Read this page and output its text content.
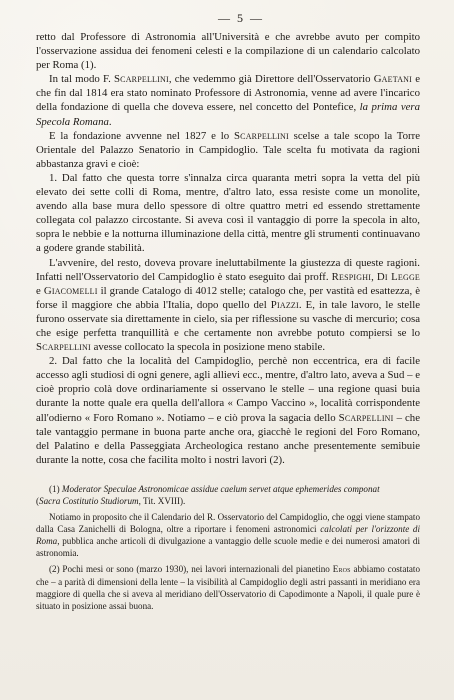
— 5 —

retto dal Professore di Astronomia all'Università e che avrebbe avuto per compito l'osservazione assidua dei fenomeni celesti e la compilazione di un calendario calcolato per Roma (1).

In tal modo F. Scarpellini, che vedemmo già Direttore dell'Osservatorio Gaetani e che fin dal 1814 era stato nominato Professore di Astronomia, venne ad avere l'incarico della fondazione di quella che doveva essere, nel concetto del Pontefice, la prima vera Specola Romana.

E la fondazione avvenne nel 1827 e lo Scarpellini scelse a tale scopo la Torre Orientale del Palazzo Senatorio in Campidoglio. Tale scelta fu motivata da ragioni abbastanza gravi e cioè:

1. Dal fatto che questa torre s'innalza circa quaranta metri sopra la vetta del più elevato dei sette colli di Roma, mentre, d'altro lato, essa resiste come un monolite, avendo alla base mura dello spessore di oltre quattro metri ed essendo strettamente collegata col palazzo circostante. Si aveva così il vantaggio di porre la specola in alto, sopra le nebbie e la notturna illuminazione della città, mentre gli strumenti continuavano a godere grande stabilità.

L'avvenire, del resto, doveva provare ineluttabilmente la giustezza di queste ragioni. Infatti nell'Osservatorio del Campidoglio è stato eseguito dai proff. Respighi, Di Legge e Giacomelli il grande Catalogo di 4012 stelle; catalogo che, per vastità ed esattezza, è forse il maggiore che abbia l'Italia, dopo quello del Piazzi. E, in tale lavoro, le stelle furono osservate sia direttamente in cielo, sia per riflessione su vasche di mercurio; cosa che esige perfetta tranquillità e che certamente non avrebbe potuto compiersi se lo Scarpellini avesse collocato la specola in posizione meno stabile.

2. Dal fatto che la località del Campidoglio, perchè non eccentrica, era di facile accesso agli studiosi di ogni genere, agli allievi ecc., mentre, d'altro lato, aveva a Sud – e cioè proprio colà dove ordinariamente si osservano le stelle – una regione quasi buia durante la notte quale era quella dell'allora « Campo Vaccino », località corrispondente all'odierno « Foro Romano ». Notiamo – e ciò prova la sagacia dello Scarpellini – che tale vantaggio permane in buona parte anche ora, giacchè le regioni del Foro Romano, del Palatino e della Passeggiata Archeologica restano anche presentemente semibuie durante la notte, cosa che facilita molto i nostri lavori (2).

(1) Moderator Speculae Astronomicae assidue caelum servet atque ephemerides componat
(Sacra Costitutio Studiorum, Tit. XVIII).

Notiamo in proposito che il Calendario del R. Osservatorio del Campidoglio, che oggi viene stampato dalla Casa Zanichelli di Bologna, oltre a riportare i fenomeni astronomici calcolati per l'orizzonte di Roma, pubblica anche articoli di divulgazione a vantaggio delle scuole medie e dei numerosi amatori di astronomia.

(2) Pochi mesi or sono (marzo 1930), nei lavori internazionali del pianetino Eros abbiamo costatato che – a parità di dimensioni della lente – la visibilità al Campidoglio degli astri passanti in meridiano era maggiore di quella che si aveva al meridiano dell'Osservatorio di Capodimonte a Napoli, il quale pure è situato in posizione assai buona.
